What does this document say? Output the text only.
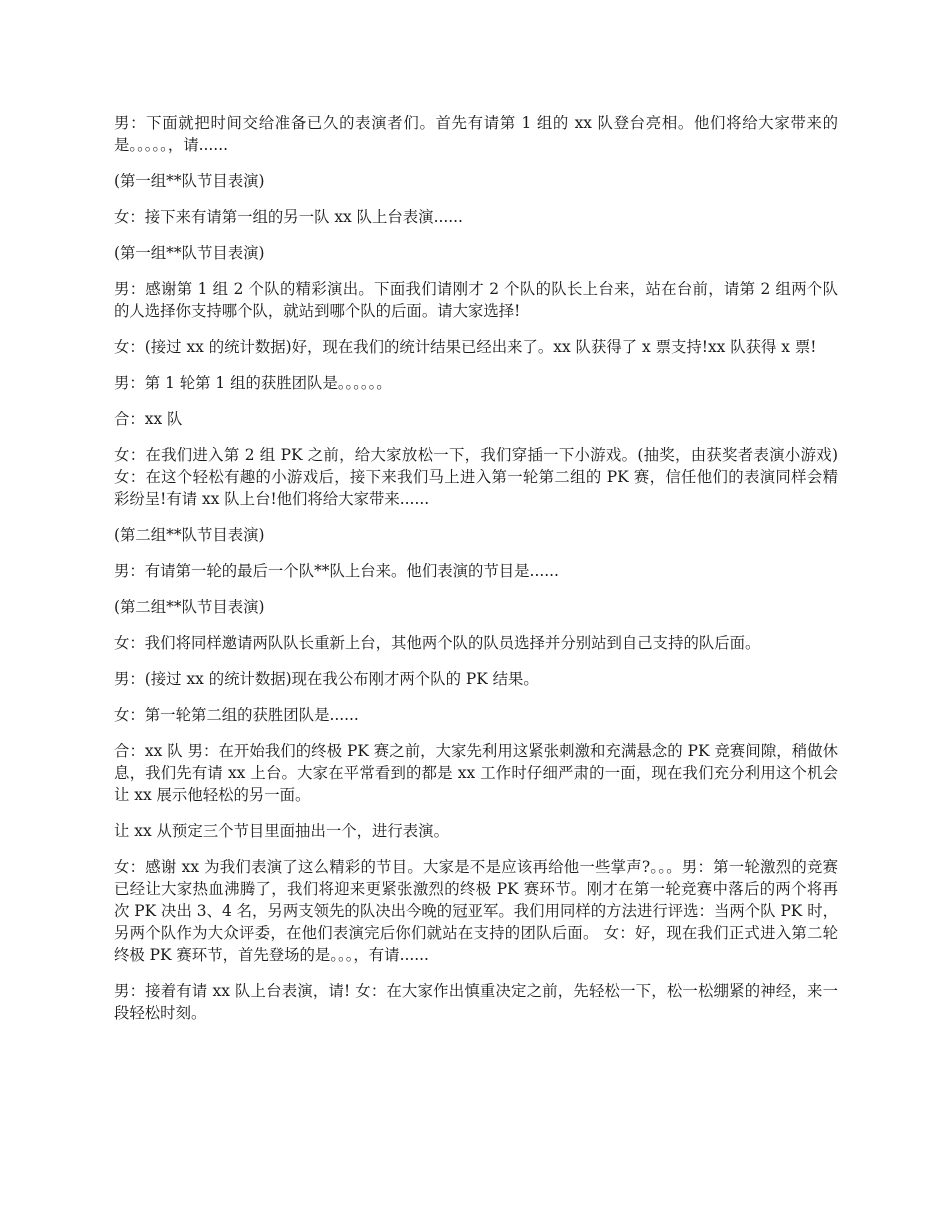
男：下面就把时间交给准备已久的表演者们。首先有请第 1 组的 xx 队登台亮相。他们将给大家带来的是。。。。。，请......

(第一组**队节目表演)

女：接下来有请第一组的另一队 xx 队上台表演......

(第一组**队节目表演)

男：感谢第 1 组 2 个队的精彩演出。下面我们请刚才 2 个队的队长上台来，站在台前，请第 2 组两个队的人选择你支持哪个队，就站到哪个队的后面。请大家选择!

女：(接过 xx 的统计数据)好，现在我们的统计结果已经出来了。xx 队获得了 x 票支持!xx 队获得 x 票!

男：第 1 轮第 1 组的获胜团队是。。。。。。

合：xx 队

女：在我们进入第 2 组 PK 之前，给大家放松一下，我们穿插一下小游戏。(抽奖，由获奖者表演小游戏) 女：在这个轻松有趣的小游戏后，接下来我们马上进入第一轮第二组的 PK 赛，信任他们的表演同样会精彩纷呈!有请 xx 队上台!他们将给大家带来......

(第二组**队节目表演)

男：有请第一轮的最后一个队**队上台来。他们表演的节目是......

(第二组**队节目表演)

女：我们将同样邀请两队队长重新上台，其他两个队的队员选择并分别站到自己支持的队后面。

男：(接过 xx 的统计数据)现在我公布刚才两个队的 PK 结果。

女：第一轮第二组的获胜团队是......

合：xx 队 男：在开始我们的终极 PK 赛之前，大家先利用这紧张刺激和充满悬念的 PK 竞赛间隙，稍做休息，我们先有请 xx 上台。大家在平常看到的都是 xx 工作时仔细严肃的一面，现在我们充分利用这个机会让 xx 展示他轻松的另一面。

让 xx 从预定三个节目里面抽出一个，进行表演。

女：感谢 xx 为我们表演了这么精彩的节目。大家是不是应该再给他一些掌声?。。。男：第一轮激烈的竞赛已经让大家热血沸腾了，我们将迎来更紧张激烈的终极 PK 赛环节。刚才在第一轮竞赛中落后的两个将再次 PK 决出 3、4 名，另两支领先的队决出今晚的冠亚军。我们用同样的方法进行评选：当两个队 PK 时，另两个队作为大众评委，在他们表演完后你们就站在支持的团队后面。 女：好，现在我们正式进入第二轮终极 PK 赛环节，首先登场的是。。。，有请......

男：接着有请 xx 队上台表演，请! 女：在大家作出慎重决定之前，先轻松一下，松一松绷紧的神经，来一段轻松时刻。
